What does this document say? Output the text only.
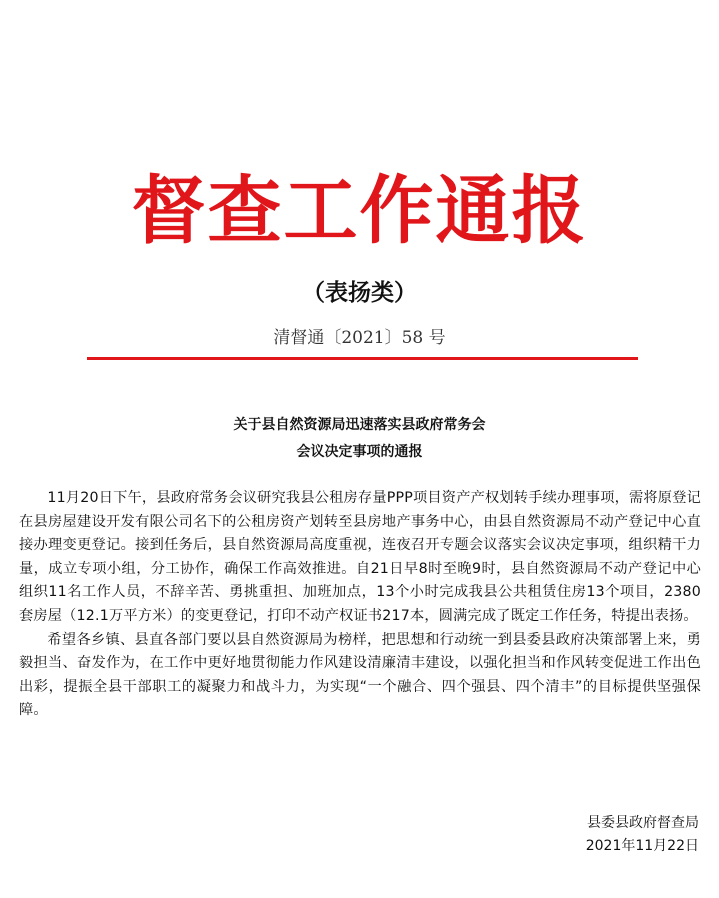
督查工作通报
（表扬类）
清督通〔2021〕58 号
关于县自然资源局迅速落实县政府常务会
会议决定事项的通报

11月20日下午，县政府常务会议研究我县公租房存量PPP项目资产产权划转手续办理事项，需将原登记在县房屋建设开发有限公司名下的公租房资产划转至县房地产事务中心，由县自然资源局不动产登记中心直接办理变更登记。接到任务后，县自然资源局高度重视，连夜召开专题会议落实会议决定事项，组织精干力量，成立专项小组，分工协作，确保工作高效推进。自21日早8时至晚9时，县自然资源局不动产登记中心组织11名工作人员，不辞辛苦、勇挑重担、加班加点，13个小时完成我县公共租赁住房13个项目，2380套房屋（12.1万平方米）的变更登记，打印不动产权证书217本，圆满完成了既定工作任务，特提出表扬。

希望各乡镇、县直各部门要以县自然资源局为榜样，把思想和行动统一到县委县政府决策部署上来，勇毅担当、奋发作为，在工作中更好地贯彻能力作风建设清廉清丰建设，以强化担当和作风转变促进工作出色出彩，提振全县干部职工的凝聚力和战斗力，为实现“一个融合、四个强县、四个清丰”的目标提供坚强保障。

县委县政府督查局
2021年11月22日
